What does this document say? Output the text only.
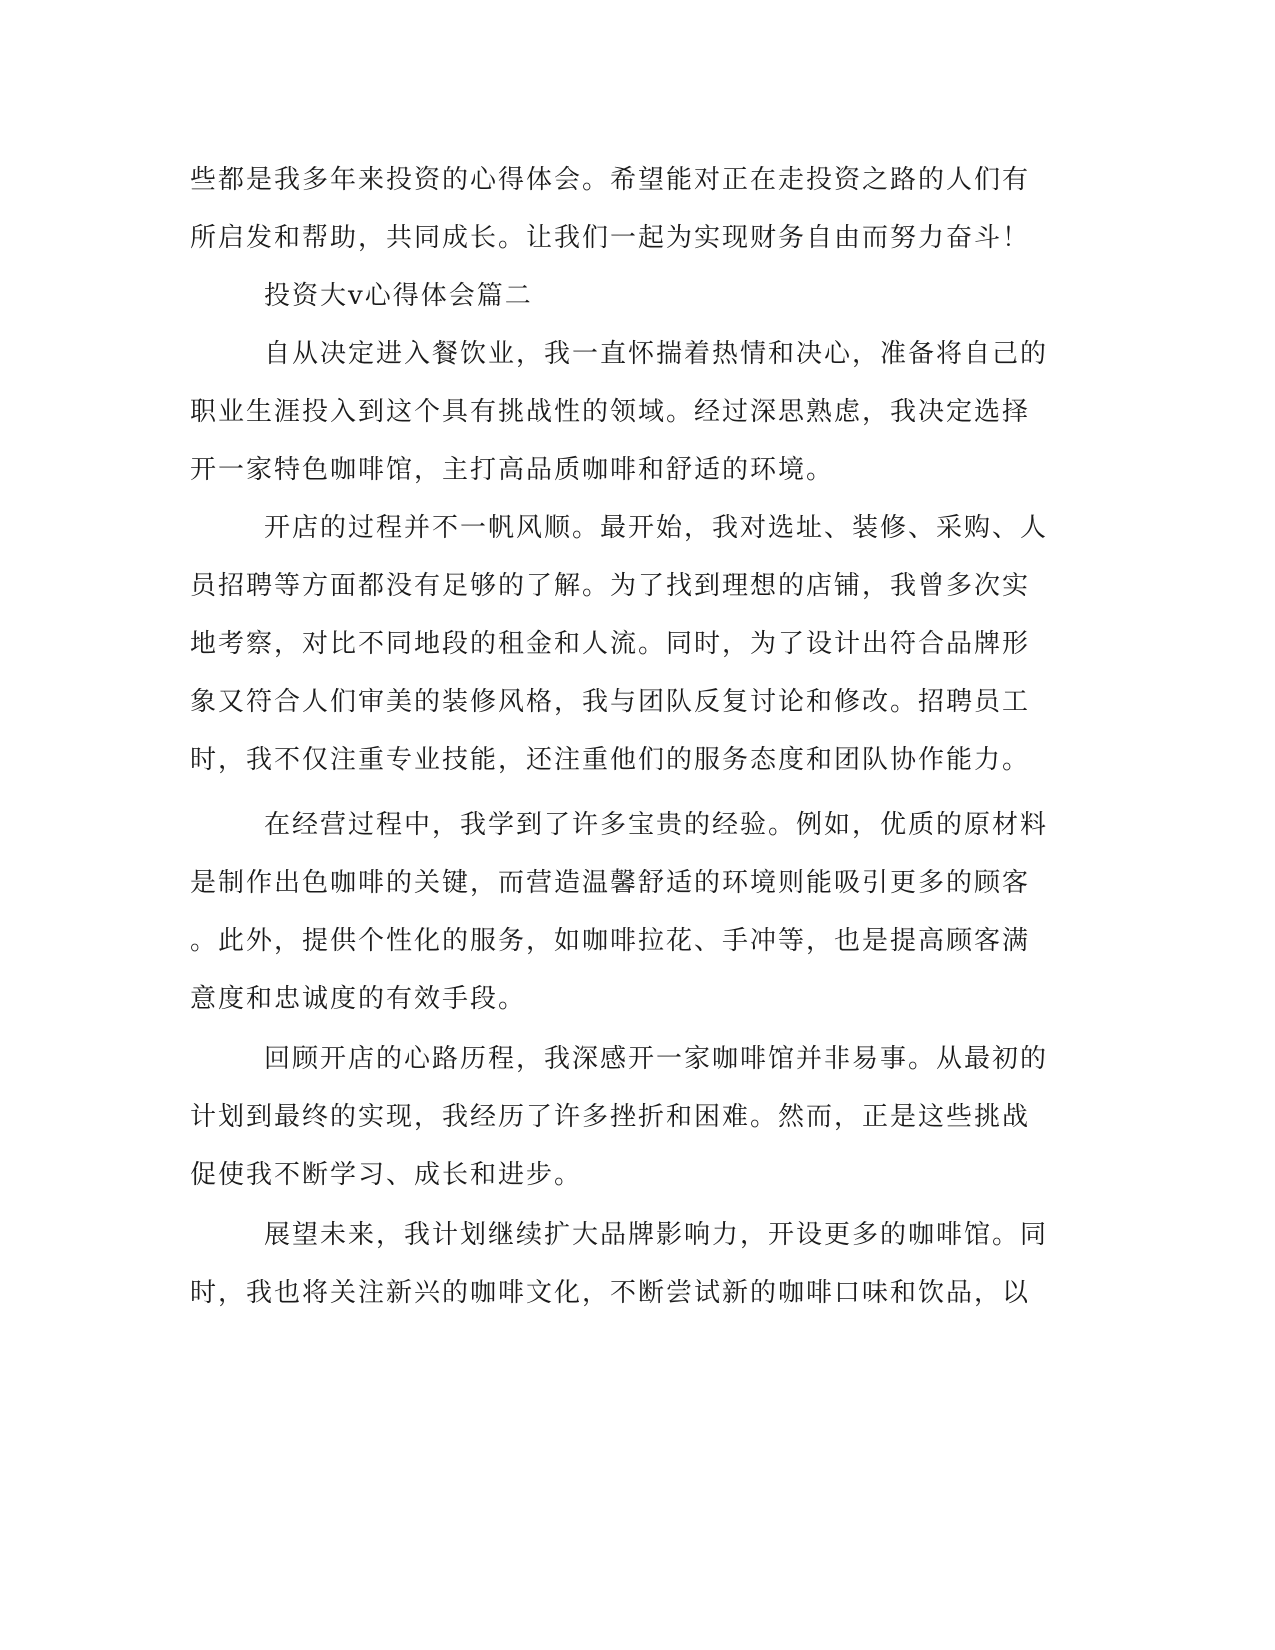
些都是我多年来投资的心得体会。希望能对正在走投资之路的人们有
所启发和帮助，共同成长。让我们一起为实现财务自由而努力奋斗！
投资大v心得体会篇二
自从决定进入餐饮业，我一直怀揣着热情和决心，准备将自己的
职业生涯投入到这个具有挑战性的领域。经过深思熟虑，我决定选择
开一家特色咖啡馆，主打高品质咖啡和舒适的环境。
开店的过程并不一帆风顺。最开始，我对选址、装修、采购、人
员招聘等方面都没有足够的了解。为了找到理想的店铺，我曾多次实
地考察，对比不同地段的租金和人流。同时，为了设计出符合品牌形
象又符合人们审美的装修风格，我与团队反复讨论和修改。招聘员工
时，我不仅注重专业技能，还注重他们的服务态度和团队协作能力。
在经营过程中，我学到了许多宝贵的经验。例如，优质的原材料
是制作出色咖啡的关键，而营造温馨舒适的环境则能吸引更多的顾客
。此外，提供个性化的服务，如咖啡拉花、手冲等，也是提高顾客满
意度和忠诚度的有效手段。
回顾开店的心路历程，我深感开一家咖啡馆并非易事。从最初的
计划到最终的实现，我经历了许多挫折和困难。然而，正是这些挑战
促使我不断学习、成长和进步。
展望未来，我计划继续扩大品牌影响力，开设更多的咖啡馆。同
时，我也将关注新兴的咖啡文化，不断尝试新的咖啡口味和饮品，以
